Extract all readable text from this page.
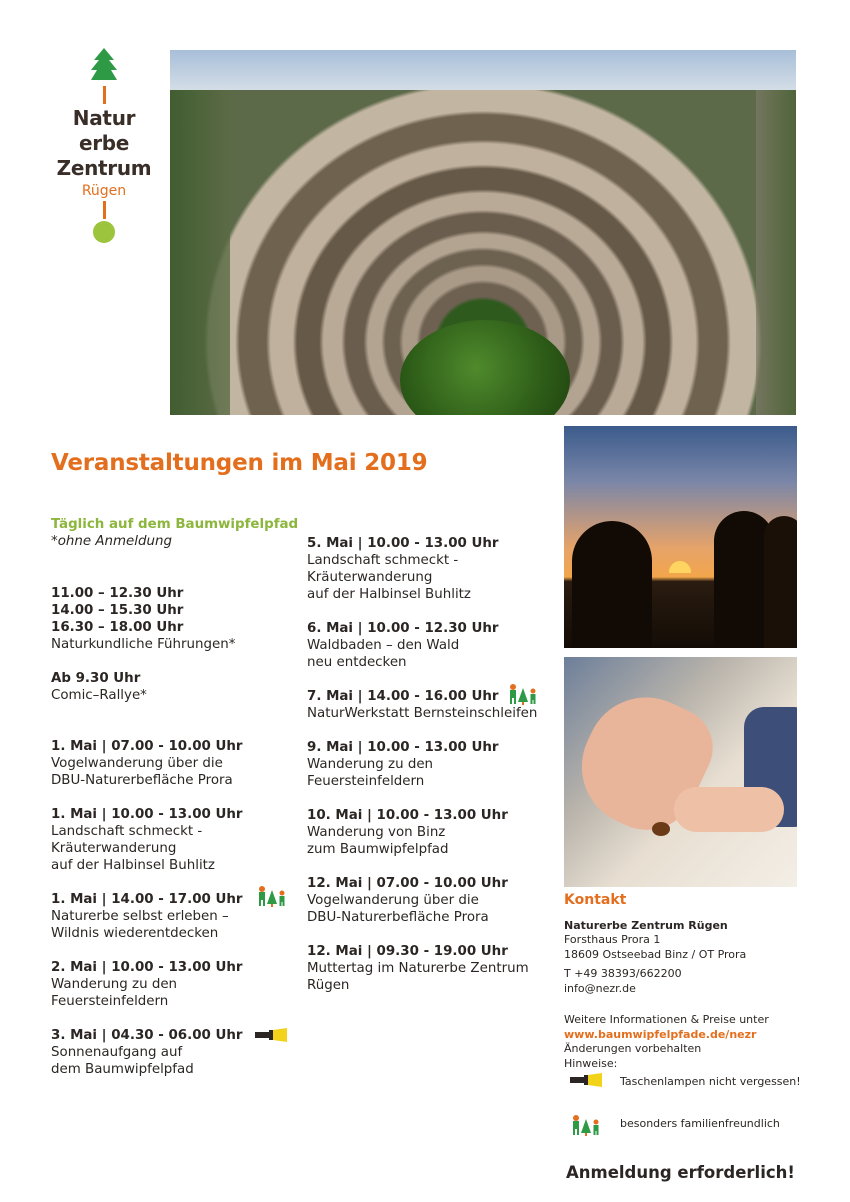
Natur
erbe
Zentrum
Rügen
Veranstaltungen im Mai 2019
Täglich auf dem Baumwipfelpfad
*ohne Anmeldung
11.00 – 12.30 Uhr
14.00 – 15.30 Uhr
16.30 – 18.00 Uhr
Naturkundliche Führungen*
Ab 9.30 Uhr
Comic–Rallye*
1. Mai | 07.00 - 10.00 Uhr
Vogelwanderung über die
DBU-Naturerbefläche Prora
1. Mai | 10.00 - 13.00 Uhr
Landschaft schmeckt -
Kräuterwanderung
auf der Halbinsel Buhlitz
1. Mai | 14.00 - 17.00 Uhr
Naturerbe selbst erleben –
Wildnis wiederentdecken
2. Mai | 10.00 - 13.00 Uhr
Wanderung zu den
Feuersteinfeldern
3. Mai | 04.30 - 06.00 Uhr
Sonnenaufgang auf
dem Baumwipfelpfad
5. Mai | 10.00 - 13.00 Uhr
Landschaft schmeckt -
Kräuterwanderung
auf der Halbinsel Buhlitz
6. Mai | 10.00 - 12.30 Uhr
Waldbaden – den Wald
neu entdecken
7. Mai | 14.00 - 16.00 Uhr
NaturWerkstatt Bernsteinschleifen
9. Mai | 10.00 - 13.00 Uhr
Wanderung zu den
Feuersteinfeldern
10. Mai | 10.00 - 13.00 Uhr
Wanderung von Binz
zum Baumwipfelpfad
12. Mai | 07.00 - 10.00 Uhr
Vogelwanderung über die
DBU-Naturerbefläche Prora
12. Mai | 09.30 - 19.00 Uhr
Muttertag im Naturerbe Zentrum
Rügen
Kontakt
Naturerbe Zentrum Rügen
Forsthaus Prora 1
18609 Ostseebad Binz / OT Prora
T +49 38393/662200
info@nezr.de
Weitere Informationen & Preise unter
www.baumwipfelpfade.de/nezr
Änderungen vorbehalten
Hinweise:
Taschenlampen nicht vergessen!
besonders familienfreundlich
Anmeldung erforderlich!
